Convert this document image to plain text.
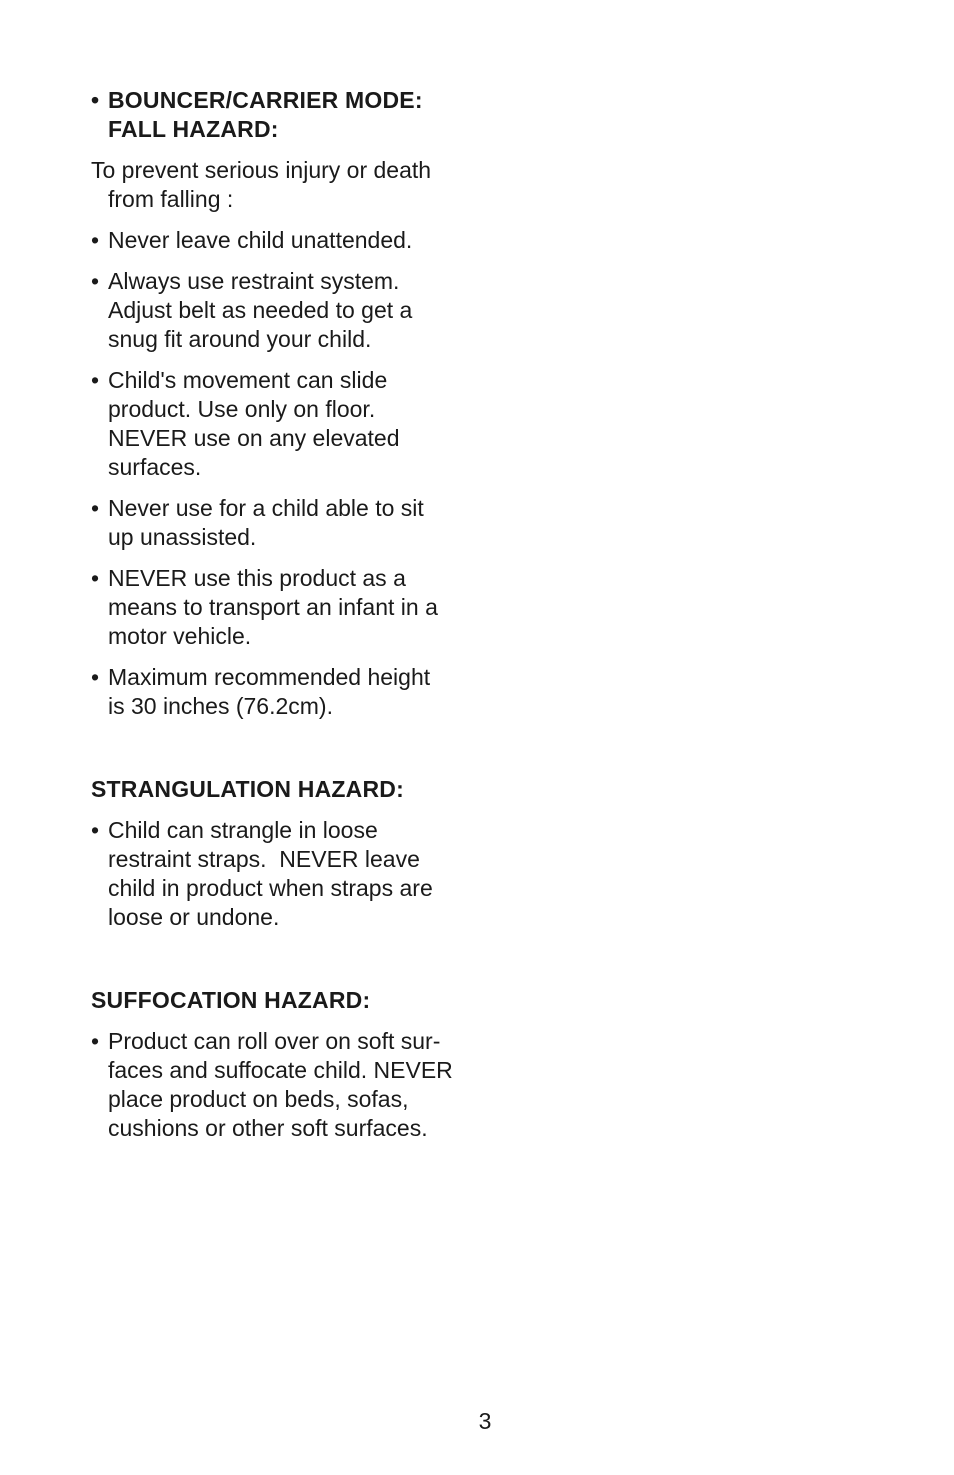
• BOUNCER/CARRIER MODE:
FALL HAZARD:
To prevent serious injury or death
from falling :
• Never leave child unattended.
• Always use restraint system.
Adjust belt as needed to get a
snug fit around your child.
• Child's movement can slide
product. Use only on floor.
NEVER use on any elevated
surfaces.
• Never use for a child able to sit
up unassisted.
• NEVER use this product as a
means to transport an infant in a
motor vehicle.
• Maximum recommended height
is 30 inches (76.2cm).
STRANGULATION HAZARD:
• Child can strangle in loose
restraint straps.  NEVER leave
child in product when straps are
loose or undone.
SUFFOCATION HAZARD:
• Product can roll over on soft sur-
faces and suffocate child. NEVER
place product on beds, sofas,
cushions or other soft surfaces.
3
